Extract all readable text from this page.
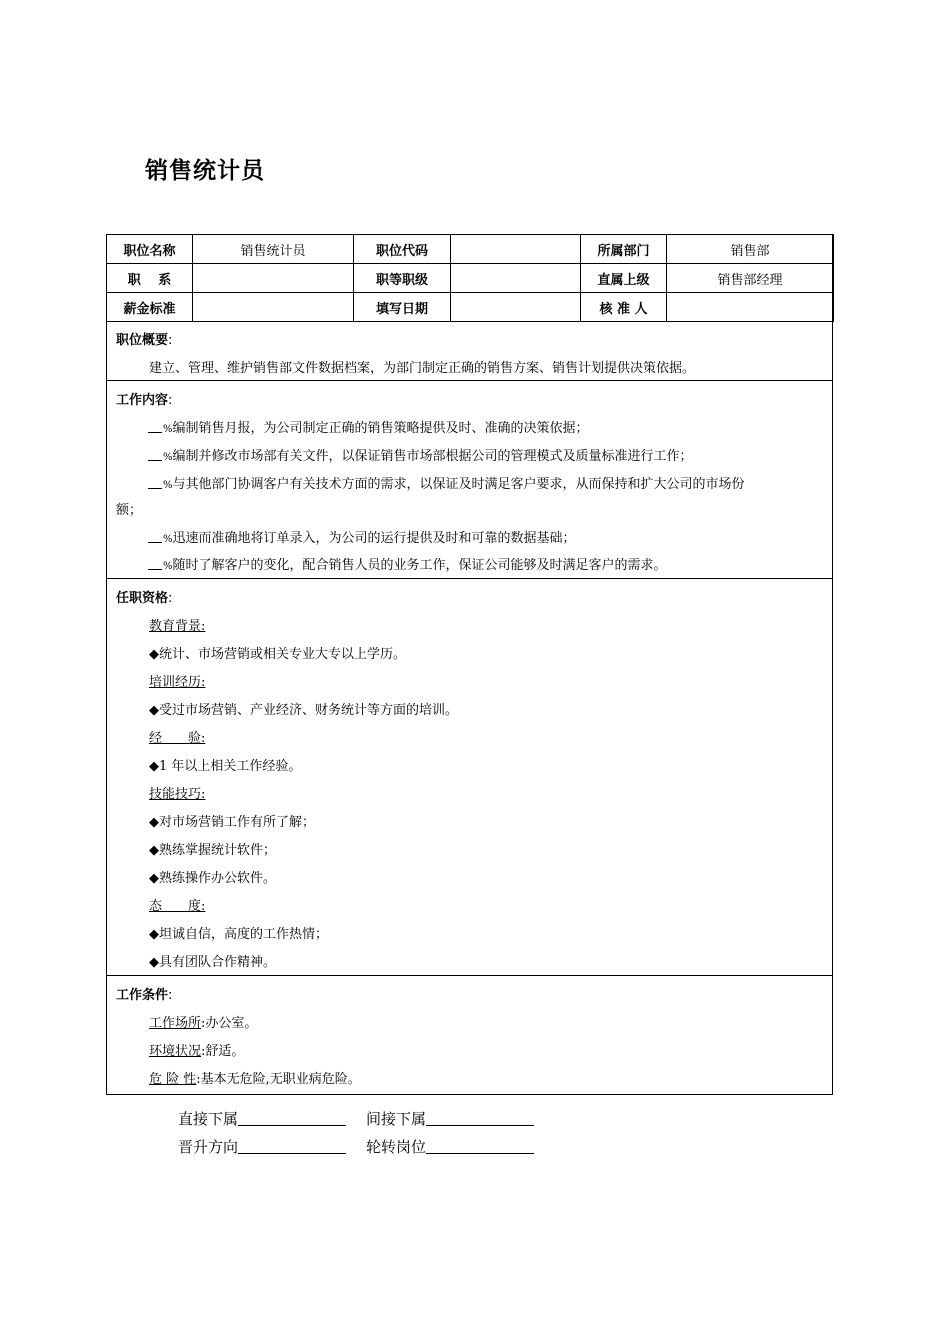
销售统计员
职位名称	销售统计员	职位代码		所属部门	销售部
职　 系		职等职级		直属上级	销售部经理
薪金标准		填写日期		核 准 人	
职位概要:
建立、管理、维护销售部文件数据档案，为部门制定正确的销售方案、销售计划提供决策依据。
工作内容:
%编制销售月报，为公司制定正确的销售策略提供及时、准确的决策依据；
%编制并修改市场部有关文件，以保证销售市场部根据公司的管理模式及质量标准进行工作；
%与其他部门协调客户有关技术方面的需求，以保证及时满足客户要求，从而保持和扩大公司的市场份
额；
%迅速而准确地将订单录入，为公司的运行提供及时和可靠的数据基础；
%随时了解客户的变化，配合销售人员的业务工作，保证公司能够及时满足客户的需求。
任职资格:
教育背景:
◆统计、市场营销或相关专业大专以上学历。
培训经历:
◆受过市场营销、产业经济、财务统计等方面的培训。
经　　验:
◆1 年以上相关工作经验。
技能技巧:
◆对市场营销工作有所了解；
◆熟练掌握统计软件；
◆熟练操作办公软件。
态　　度:
◆坦诚自信，高度的工作热情；
◆具有团队合作精神。
工作条件:
工作场所:办公室。
环境状况:舒适。
危 险 性:基本无危险,无职业病危险。
直接下属	间接下属
晋升方向	轮转岗位
